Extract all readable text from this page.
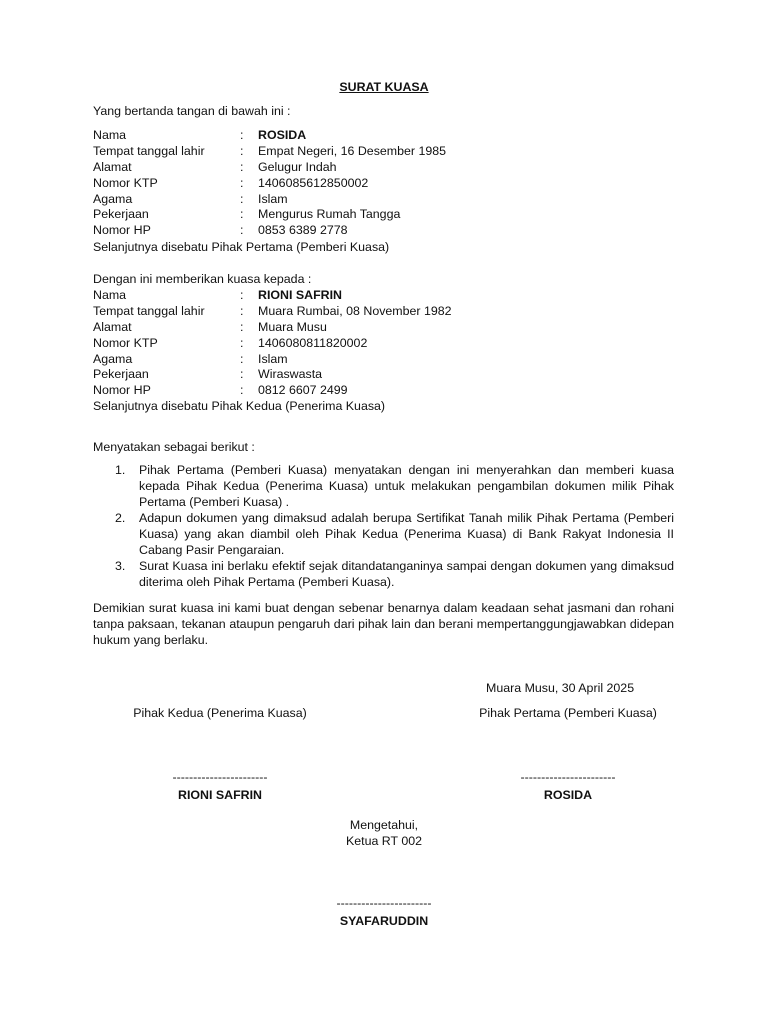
SURAT KUASA
Yang bertanda tangan di bawah ini :
Nama	:	ROSIDA
Tempat tanggal lahir	:	Empat Negeri, 16 Desember 1985
Alamat	:	Gelugur Indah
Nomor KTP	:	1406085612850002
Agama	:	Islam
Pekerjaan	:	Mengurus Rumah Tangga
Nomor HP	:	0853 6389 2778
Selanjutnya disebatu Pihak Pertama (Pemberi Kuasa)
Dengan ini memberikan kuasa kepada :
Nama	:	RIONI SAFRIN
Tempat tanggal lahir	:	Muara Rumbai, 08 November 1982
Alamat	:	Muara Musu
Nomor KTP	:	1406080811820002
Agama	:	Islam
Pekerjaan	:	Wiraswasta
Nomor HP	:	0812 6607 2499
Selanjutnya disebatu Pihak Kedua (Penerima Kuasa)
Menyatakan sebagai berikut :
1.	Pihak Pertama (Pemberi Kuasa) menyatakan dengan ini menyerahkan dan memberi kuasa kepada Pihak Kedua (Penerima Kuasa) untuk melakukan pengambilan dokumen milik Pihak Pertama (Pemberi Kuasa) .
2.	Adapun dokumen yang dimaksud adalah berupa Sertifikat Tanah milik Pihak Pertama (Pemberi Kuasa) yang akan diambil oleh Pihak Kedua (Penerima Kuasa) di Bank Rakyat Indonesia II Cabang Pasir Pengaraian.
3.	Surat Kuasa ini berlaku efektif sejak ditandatanganinya sampai dengan dokumen yang dimaksud diterima oleh Pihak Pertama (Pemberi Kuasa).
Demikian surat kuasa ini kami buat dengan sebenar benarnya dalam keadaan sehat jasmani dan rohani tanpa paksaan, tekanan ataupun pengaruh dari pihak lain dan berani mempertanggungjawabkan didepan hukum yang berlaku.
Muara Musu, 30 April 2025
Pihak Kedua (Penerima Kuasa)	Pihak Pertama (Pemberi Kuasa)
-----------------------	-----------------------
RIONI SAFRIN	ROSIDA
Mengetahui,
Ketua RT 002
-----------------------
SYAFARUDDIN
